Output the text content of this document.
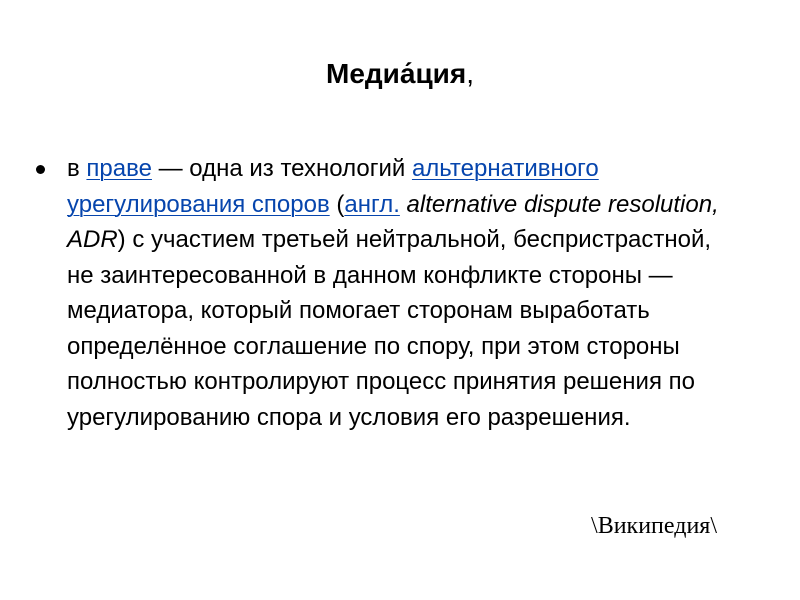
Медиа́ция,
в праве — одна из технологий альтернативного урегулирования споров (англ. alternative dispute resolution, ADR) с участием третьей нейтральной, беспристрастной, не заинтересованной в данном конфликте стороны — медиатора, который помогает сторонам выработать определённое соглашение по спору, при этом стороны полностью контролируют процесс принятия решения по урегулированию спора и условия его разрешения.
\Википедия\
